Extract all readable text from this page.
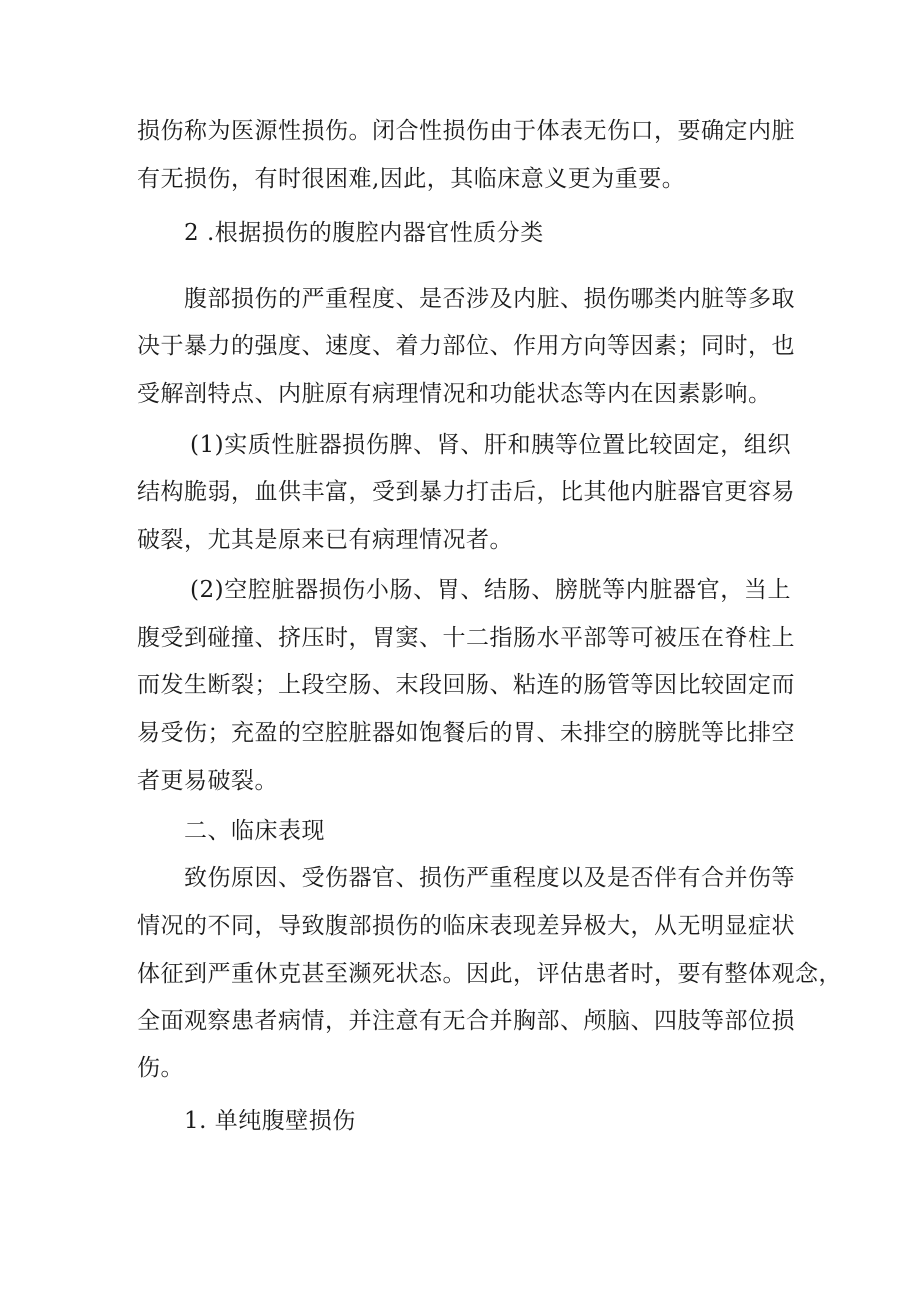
损伤称为医源性损伤。闭合性损伤由于体表无伤口，要确定内脏
有无损伤，有时很困难,因此，其临床意义更为重要。
2 .根据损伤的腹腔内器官性质分类
腹部损伤的严重程度、是否涉及内脏、损伤哪类内脏等多取
决于暴力的强度、速度、着力部位、作用方向等因素；同时，也
受解剖特点、内脏原有病理情况和功能状态等内在因素影响。
(1)实质性脏器损伤脾、肾、肝和胰等位置比较固定，组织
结构脆弱，血供丰富，受到暴力打击后，比其他内脏器官更容易
破裂，尤其是原来已有病理情况者。
(2)空腔脏器损伤小肠、胃、结肠、膀胱等内脏器官，当上
腹受到碰撞、挤压时，胃窦、十二指肠水平部等可被压在脊柱上
而发生断裂；上段空肠、末段回肠、粘连的肠管等因比较固定而
易受伤；充盈的空腔脏器如饱餐后的胃、未排空的膀胱等比排空
者更易破裂。
二、临床表现
致伤原因、受伤器官、损伤严重程度以及是否伴有合并伤等
情况的不同，导致腹部损伤的临床表现差异极大，从无明显症状
体征到严重休克甚至濒死状态。因此，评估患者时，要有整体观念，
全面观察患者病情，并注意有无合并胸部、颅脑、四肢等部位损
伤。
1. 单纯腹壁损伤
